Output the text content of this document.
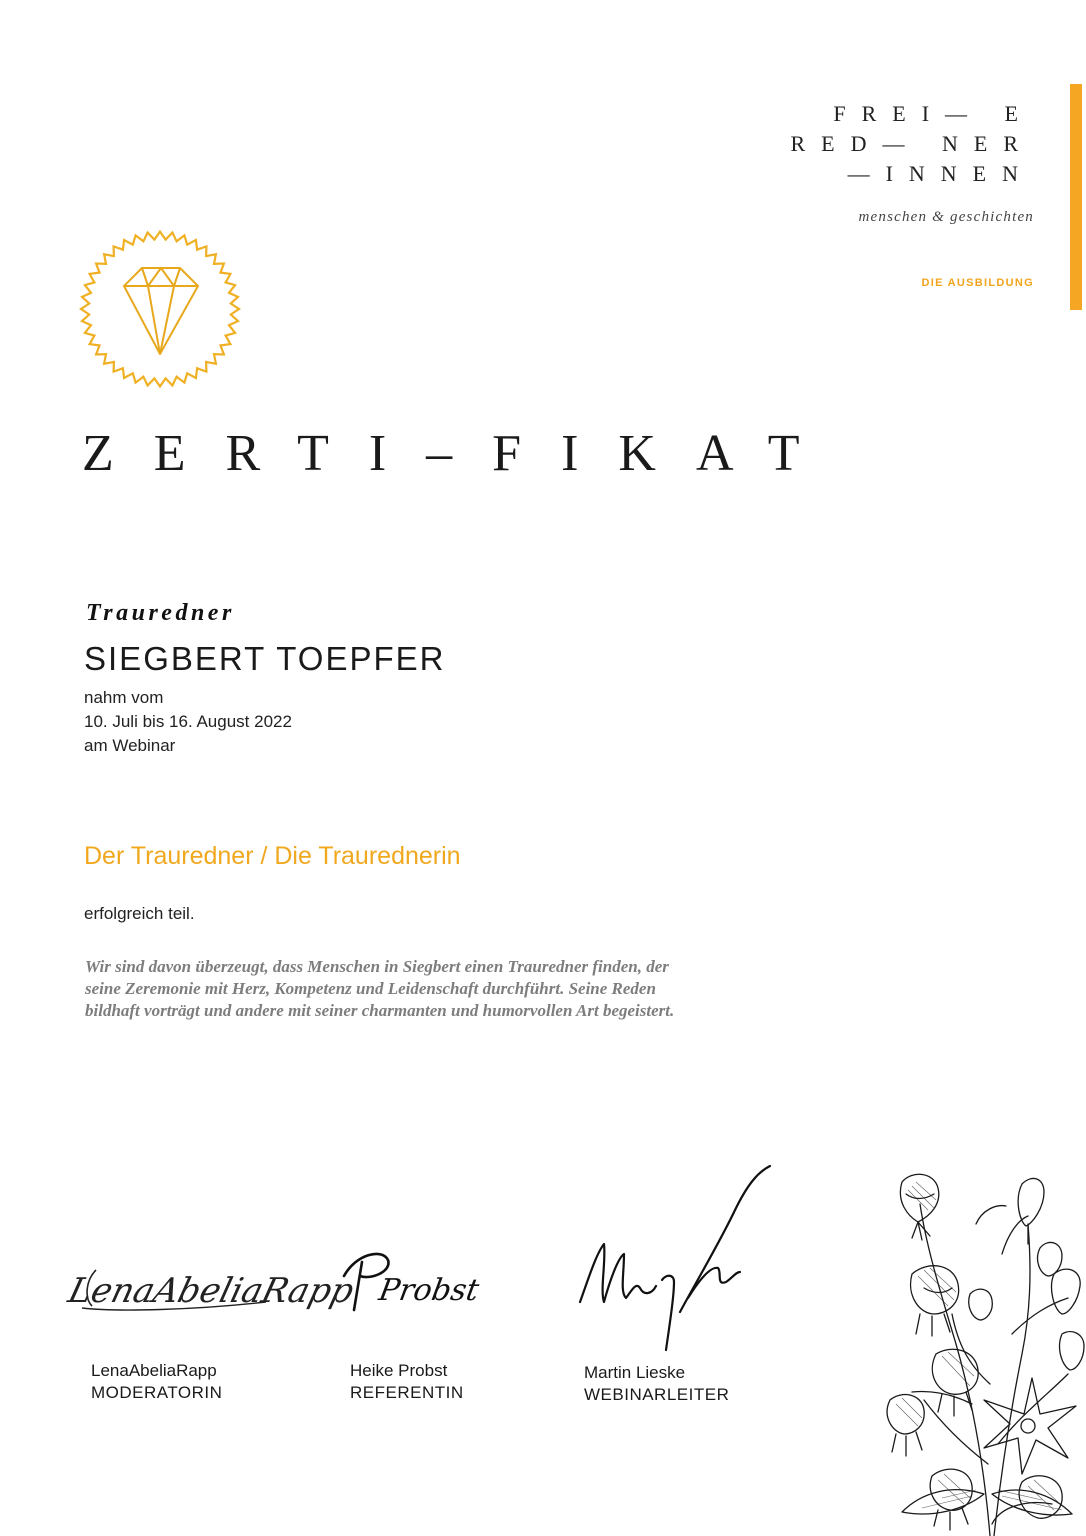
FREI— E
RED— NER
—INNEN
menschen & geschichten
DIE AUSBILDUNG
ZERTI–FIKAT
Trauredner
SIEGBERT TOEPFER
nahm vom
10. Juli bis 16. August 2022
am Webinar
Der Trauredner / Die Traurednerin
erfolgreich teil.
Wir sind davon überzeugt, dass Menschen in Siegbert einen Trauredner finden, der seine Zeremonie mit Herz, Kompetenz und Leidenschaft durchführt. Seine Reden bildhaft vorträgt und andere mit seiner charmanten und humorvollen Art begeistert.
LenaAbeliaRapp
LenaAbeliaRapp
MODERATORIN
Probst
Heike Probst
REFERENTIN
Martin Lieske
WEBINARLEITER
